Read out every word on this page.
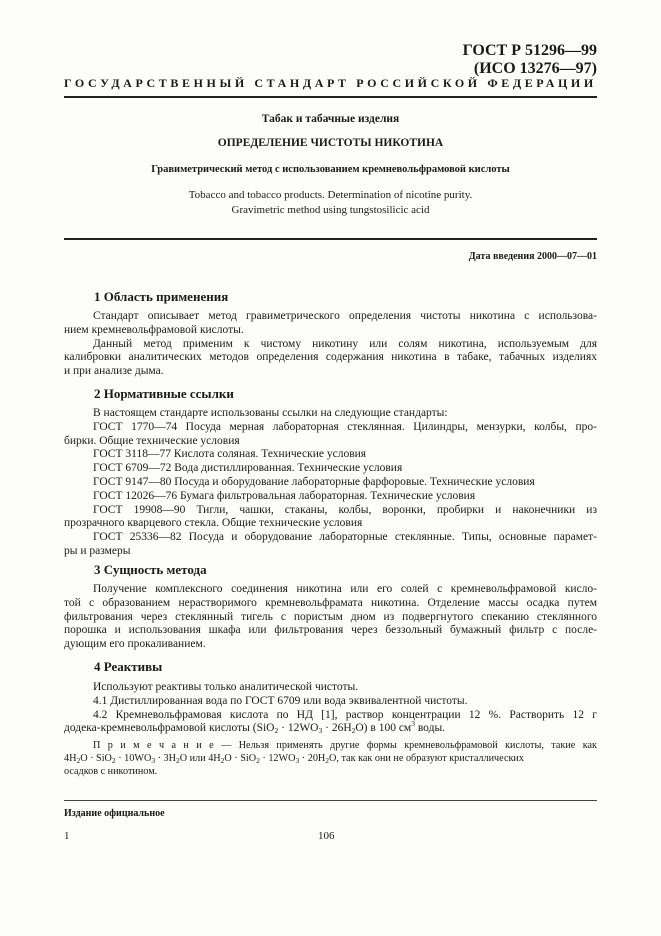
ГОСТ Р 51296—99
(ИСО 13276—97)
ГОСУДАРСТВЕННЫЙ СТАНДАРТ РОССИЙСКОЙ ФЕДЕРАЦИИ
Табак и табачные изделия
ОПРЕДЕЛЕНИЕ ЧИСТОТЫ НИКОТИНА
Гравиметрический метод с использованием кремневольфрамовой кислоты
Tobacco and tobacco products. Determination of nicotine purity.
Gravimetric method using tungstosilicic acid
Дата введения 2000—07—01
1 Область применения
Стандарт описывает метод гравиметрического определения чистоты никотина с использова-
нием кремневольфрамовой кислоты.
Данный метод применим к чистому никотину или солям никотина, используемым для
калибровки аналитических методов определения содержания никотина в табаке, табачных изделиях
и при анализе дыма.
2 Нормативные ссылки
В настоящем стандарте использованы ссылки на следующие стандарты:
ГОСТ 1770—74 Посуда мерная лабораторная стеклянная. Цилиндры, мензурки, колбы, про-
бирки. Общие технические условия
ГОСТ 3118—77 Кислота соляная. Технические условия
ГОСТ 6709—72 Вода дистиллированная. Технические условия
ГОСТ 9147—80 Посуда и оборудование лабораторные фарфоровые. Технические условия
ГОСТ 12026—76 Бумага фильтровальная лабораторная. Технические условия
ГОСТ 19908—90 Тигли, чашки, стаканы, колбы, воронки, пробирки и наконечники из
прозрачного кварцевого стекла. Общие технические условия
ГОСТ 25336—82 Посуда и оборудование лабораторные стеклянные. Типы, основные парамет-
ры и размеры
3 Сущность метода
Получение комплексного соединения никотина или его солей с кремневольфрамовой кисло-
той с образованием нерастворимого кремневольфрамата никотина. Отделение массы осадка путем
фильтрования через стеклянный тигель с пористым дном из подвергнутого спеканию стеклянного
порошка и использования шкафа или фильтрования через беззольный бумажный фильтр с после-
дующим его прокаливанием.
4 Реактивы
Используют реактивы только аналитической чистоты.
4.1 Дистиллированная вода по ГОСТ 6709 или вода эквивалентной чистоты.
4.2 Кремневольфрамовая кислота по НД [1], раствор концентрации 12 %. Растворить 12 г
додека-кремневольфрамовой кислоты $(SiO_2 \cdot 12WO_3 \cdot 26H_2O)$ в 100 $см^3$ воды.
П р и м е ч а н и е — Нельзя применять другие формы кремневольфрамовой кислоты, такие как
$4H_2O \cdot SiO_2 \cdot 10WO_3 \cdot 3H_2O$ или $4H_2O \cdot SiO_2 \cdot 12WO_3 \cdot 20H_2O$, так как они не образуют кристаллических
осадков с никотином.
Издание официальное
1	106
